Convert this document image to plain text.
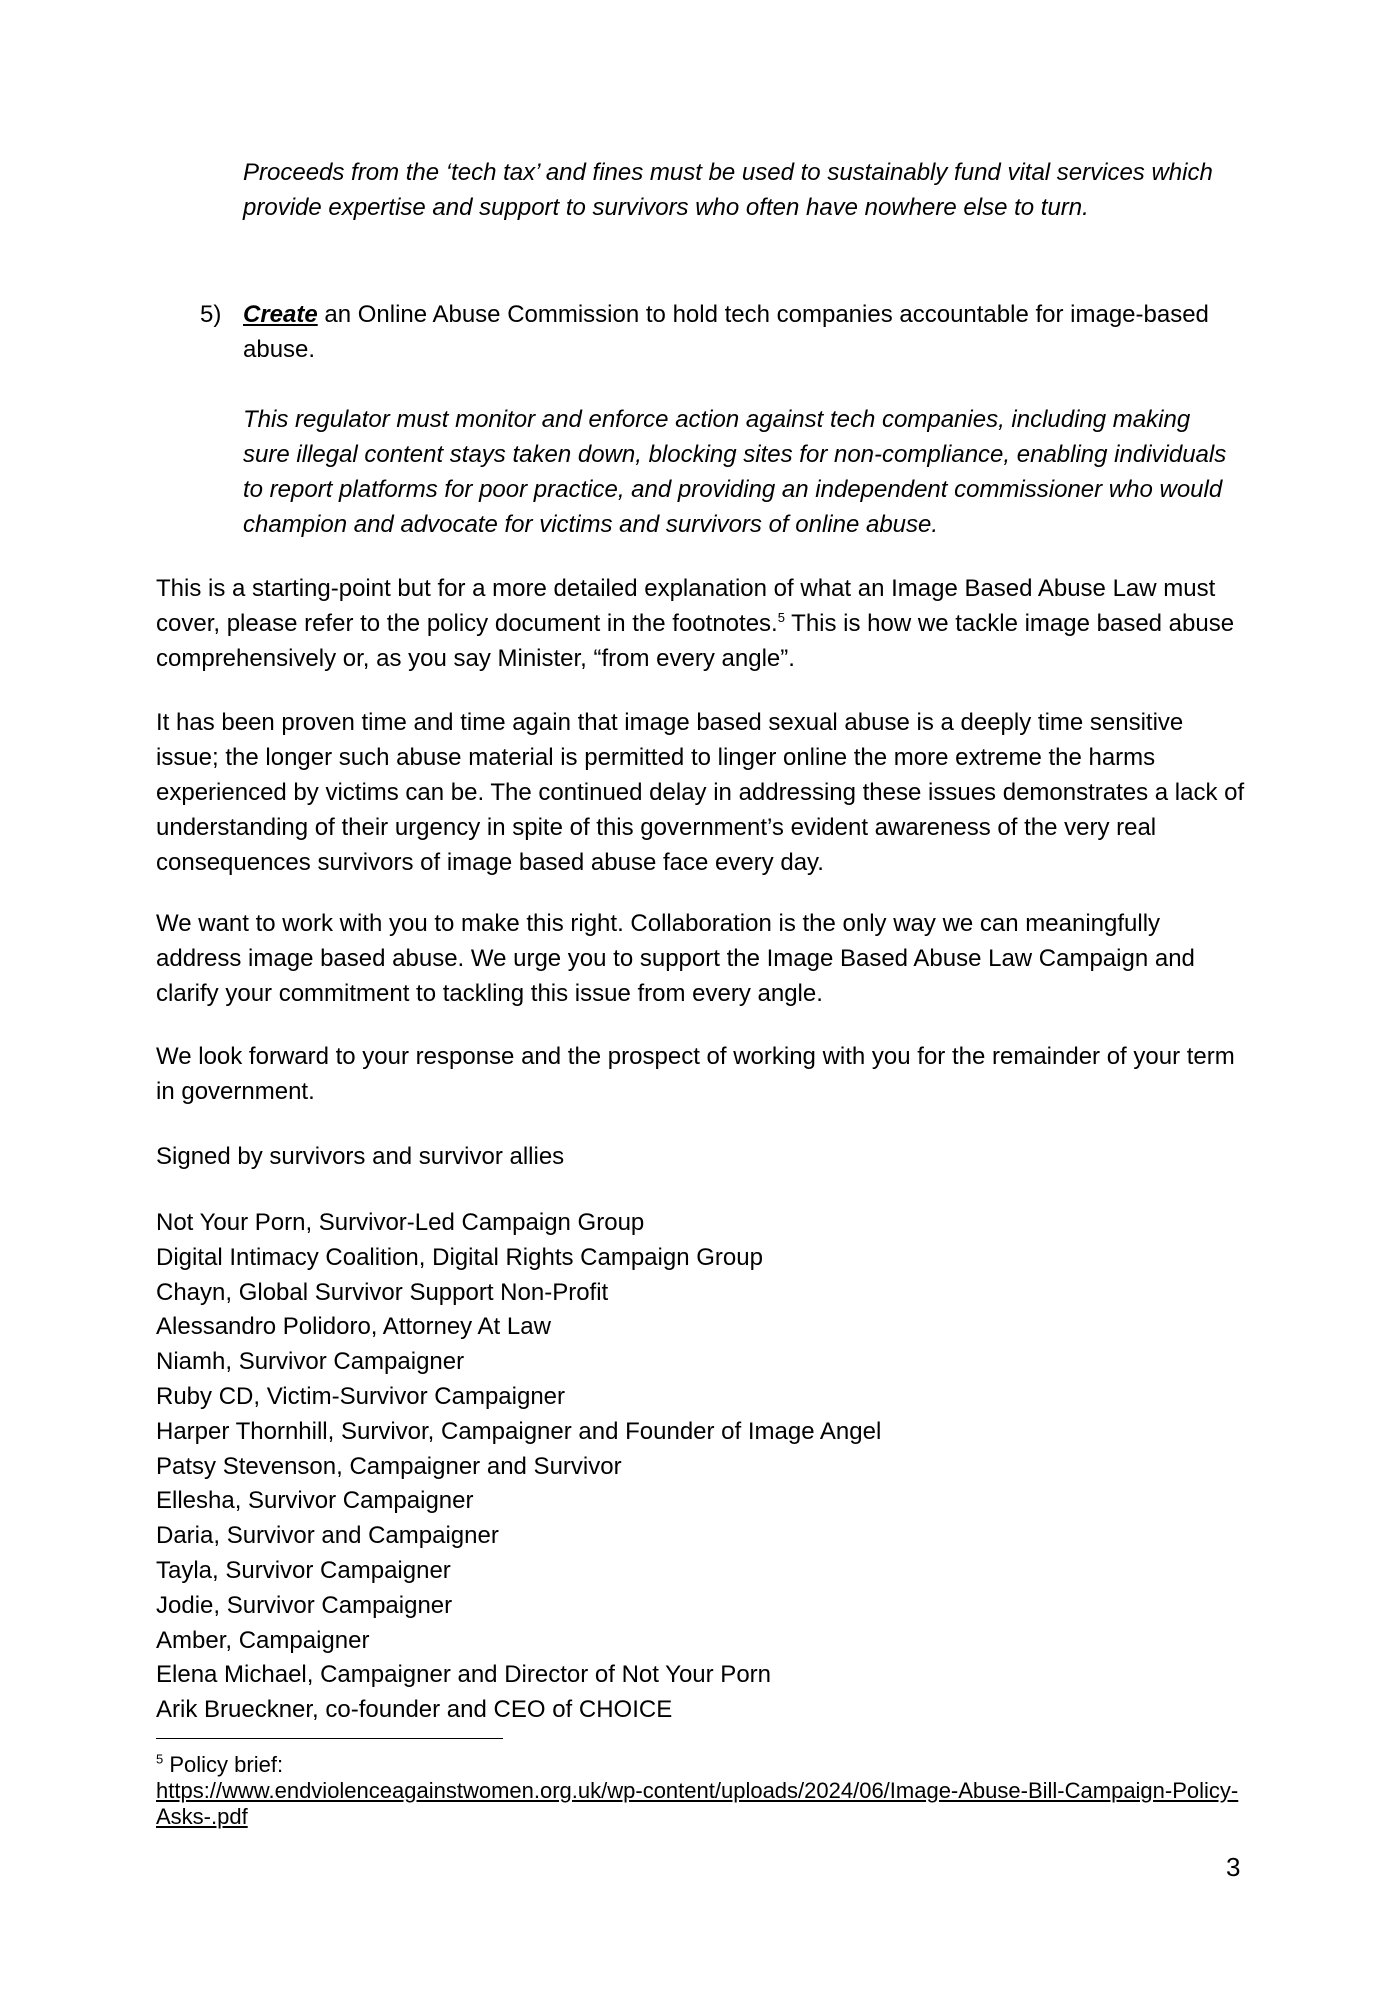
Proceeds from the ‘tech tax’ and fines must be used to sustainably fund vital services which provide expertise and support to survivors who often have nowhere else to turn.
5) Create an Online Abuse Commission to hold tech companies accountable for image-based abuse.
This regulator must monitor and enforce action against tech companies, including making sure illegal content stays taken down, blocking sites for non-compliance, enabling individuals to report platforms for poor practice, and providing an independent commissioner who would champion and advocate for victims and survivors of online abuse.

This is a starting-point but for a more detailed explanation of what an Image Based Abuse Law must cover, please refer to the policy document in the footnotes.$^5$ This is how we tackle image based abuse comprehensively or, as you say Minister, “from every angle”.

It has been proven time and time again that image based sexual abuse is a deeply time sensitive issue; the longer such abuse material is permitted to linger online the more extreme the harms experienced by victims can be. The continued delay in addressing these issues demonstrates a lack of understanding of their urgency in spite of this government’s evident awareness of the very real consequences survivors of image based abuse face every day.

We want to work with you to make this right. Collaboration is the only way we can meaningfully address image based abuse. We urge you to support the Image Based Abuse Law Campaign and clarify your commitment to tackling this issue from every angle.

We look forward to your response and the prospect of working with you for the remainder of your term in government.

Signed by survivors and survivor allies

Not Your Porn, Survivor-Led Campaign Group
Digital Intimacy Coalition, Digital Rights Campaign Group
Chayn, Global Survivor Support Non-Profit
Alessandro Polidoro, Attorney At Law
Niamh, Survivor Campaigner
Ruby CD, Victim-Survivor Campaigner
Harper Thornhill, Survivor, Campaigner and Founder of Image Angel
Patsy Stevenson, Campaigner and Survivor
Ellesha, Survivor Campaigner
Daria, Survivor and Campaigner
Tayla, Survivor Campaigner
Jodie, Survivor Campaigner
Amber, Campaigner
Elena Michael, Campaigner and Director of Not Your Porn
Arik Brueckner, co-founder and CEO of CHOICE
$^5$ Policy brief:
https://www.endviolenceagainstwomen.org.uk/wp-content/uploads/2024/06/Image-Abuse-Bill-Campaign-Policy-Asks-.pdf
3
